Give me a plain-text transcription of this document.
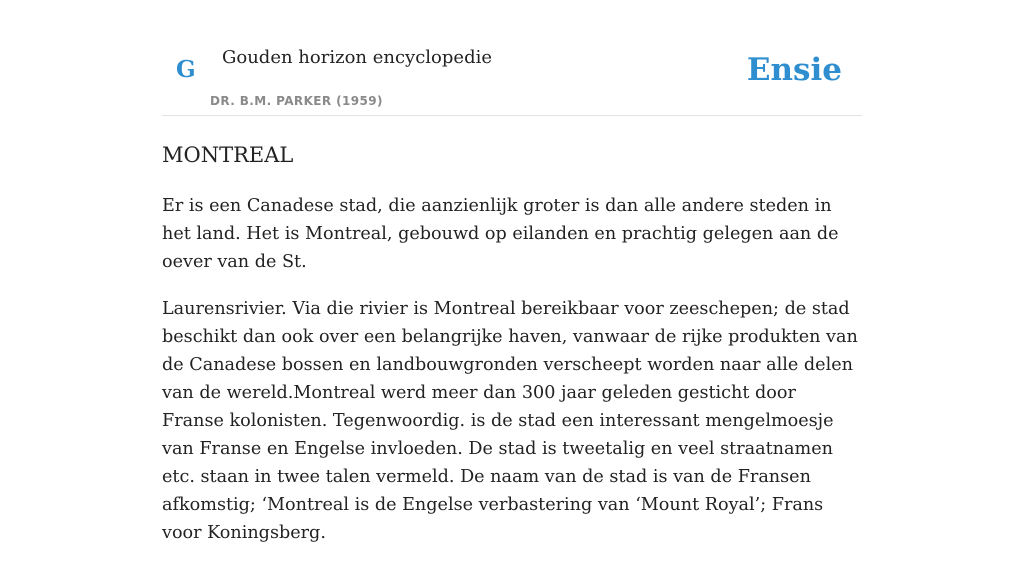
G Gouden horizon encyclopedie
DR. B.M. PARKER (1959)
Ensie
MONTREAL

Er is een Canadese stad, die aanzienlijk groter is dan alle andere steden in het land. Het is Montreal, gebouwd op eilanden en prachtig gelegen aan de oever van de St.

Laurensrivier. Via die rivier is Montreal bereikbaar voor zeeschepen; de stad beschikt dan ook over een belangrijke haven, vanwaar de rijke produkten van de Canadese bossen en landbouwgronden verscheept worden naar alle delen van de wereld.Montreal werd meer dan 300 jaar geleden gesticht door Franse kolonisten. Tegenwoordig. is de stad een interessant mengelmoesje van Franse en Engelse invloeden. De stad is tweetalig en veel straatnamen etc. staan in twee talen vermeld. De naam van de stad is van de Fransen afkomstig; ‘Montreal is de Engelse verbastering van ‘Mount Royal’; Frans voor Koningsberg.
